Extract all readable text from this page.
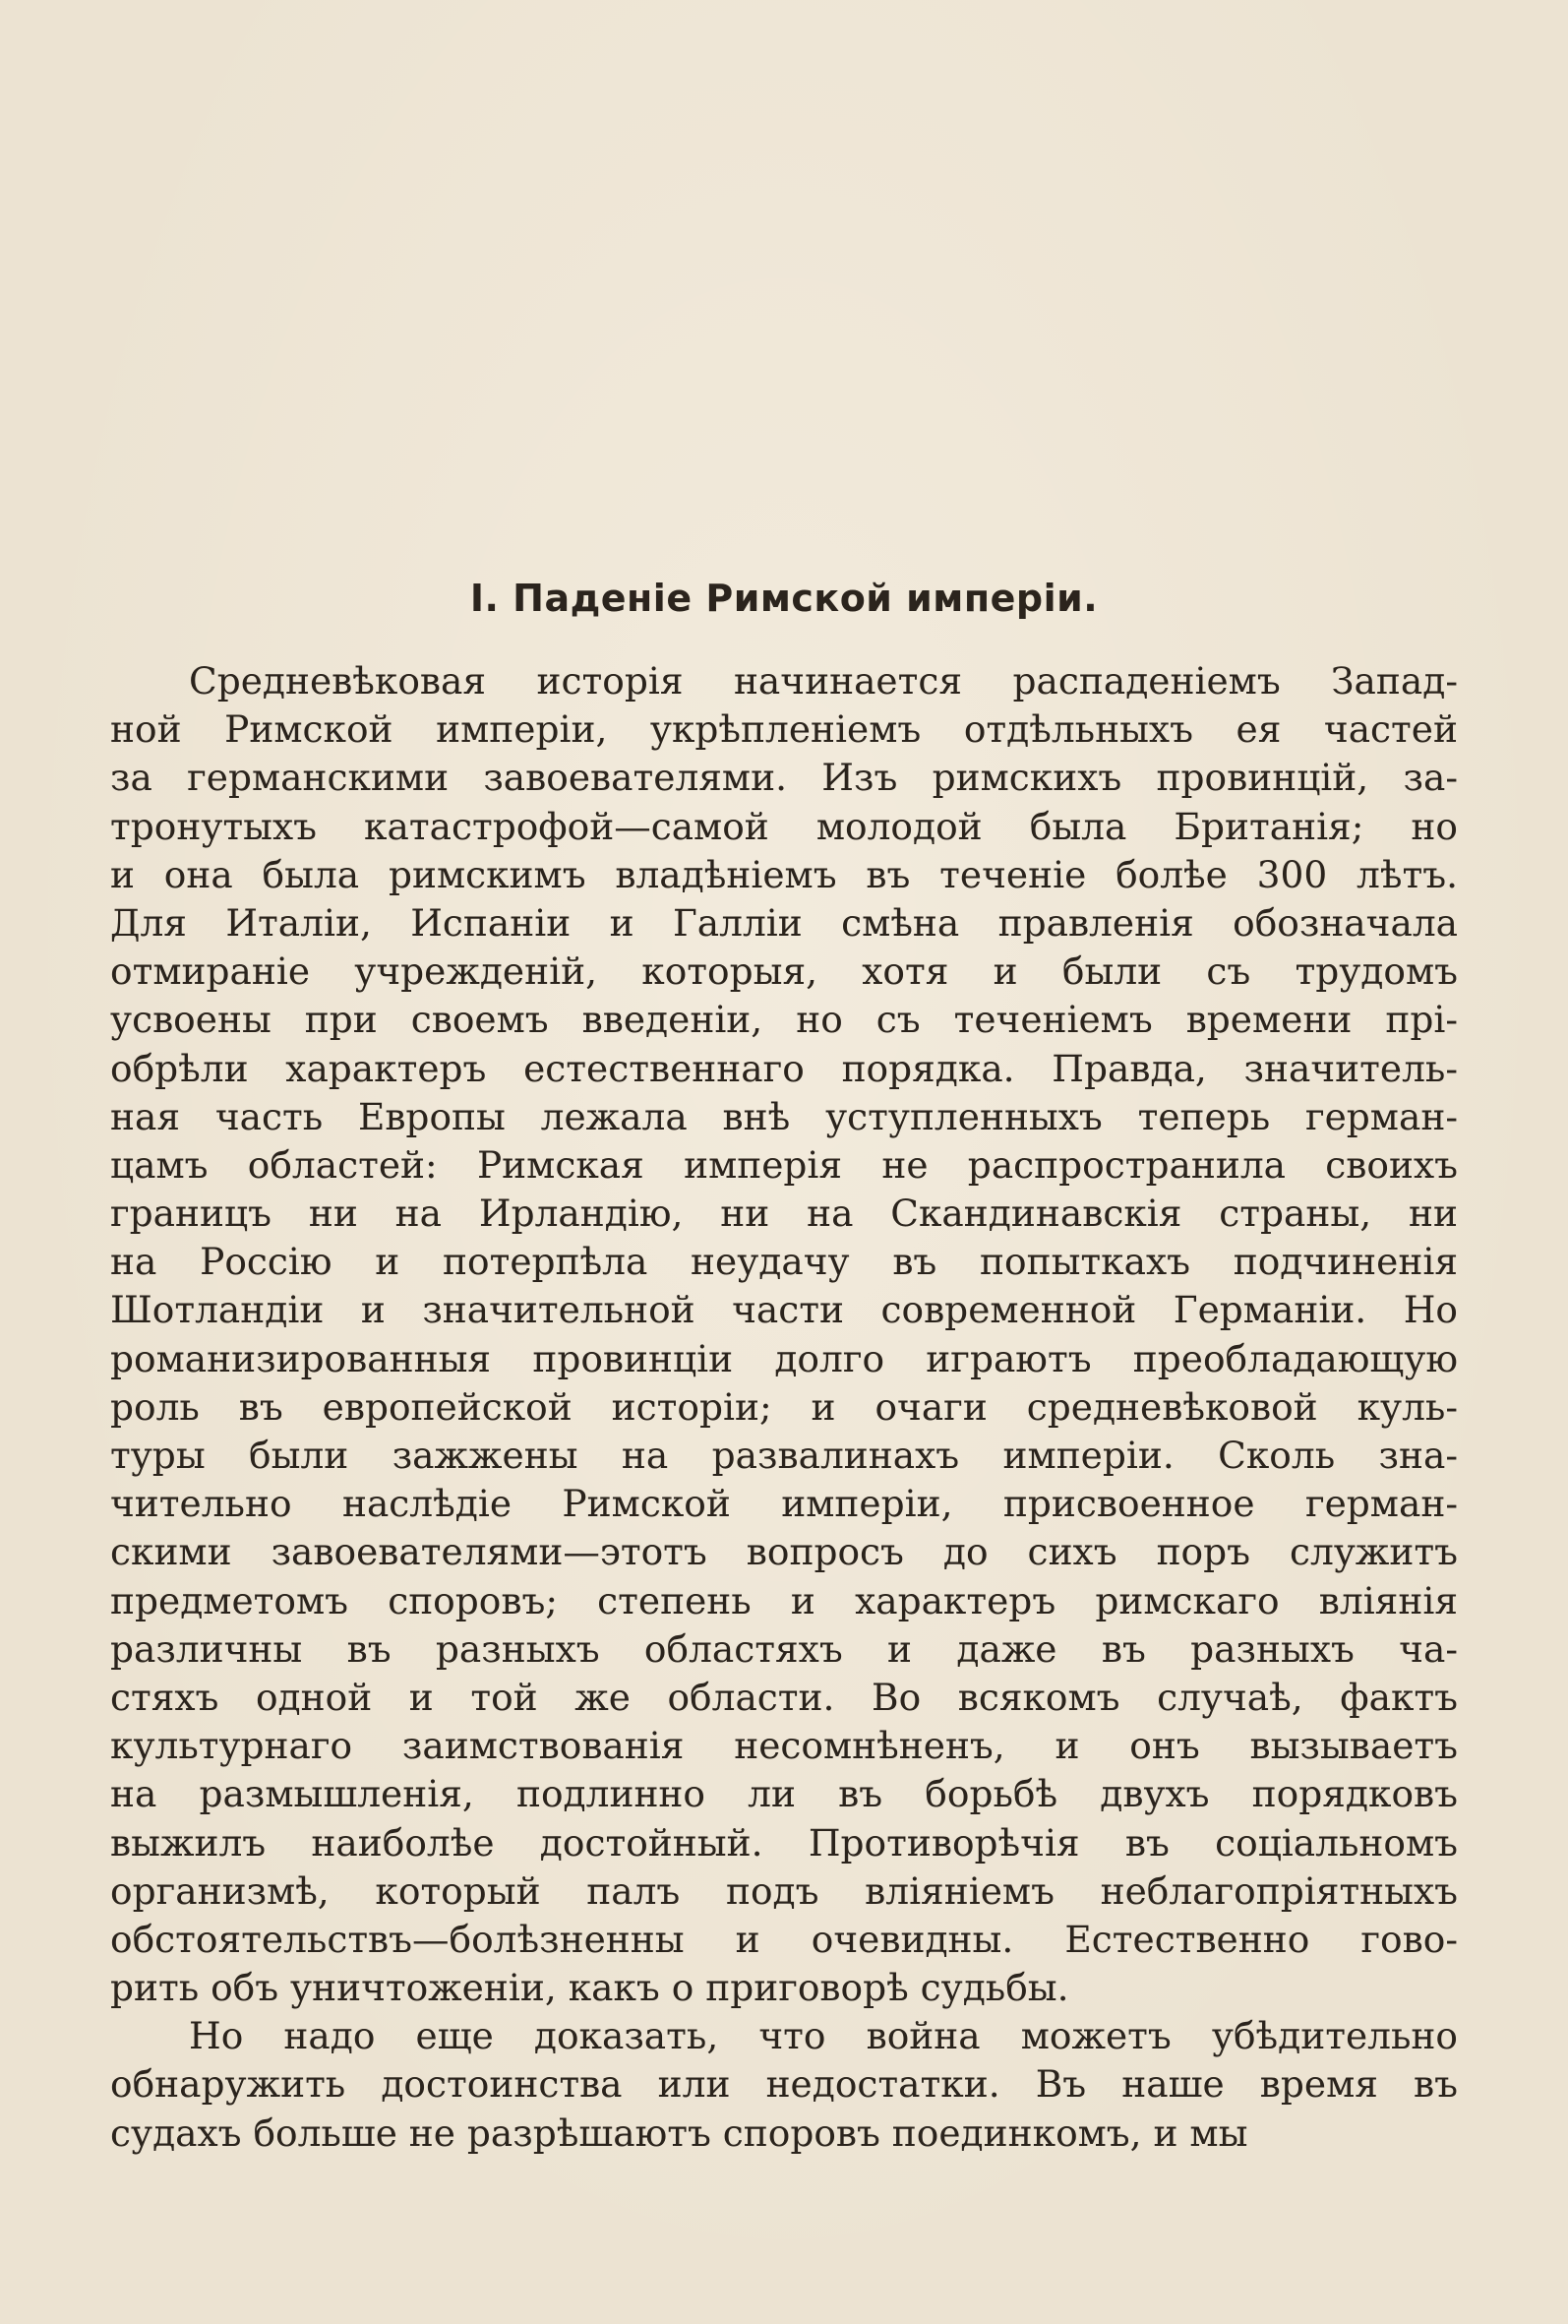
I. Паденіе Римской имперіи.
Средневѣковая исторія начинается распаденіемъ Запад-
ной Римской имперіи, укрѣпленіемъ отдѣльныхъ ея частей
за германскими завоевателями. Изъ римскихъ провинцій, за-
тронутыхъ катастрофой—самой молодой была Британія; но
и она была римскимъ владѣніемъ въ теченіе болѣе 300 лѣтъ.
Для Италіи, Испаніи и Галліи смѣна правленія обозначала
отмираніе учрежденій, которыя, хотя и были съ трудомъ
усвоены при своемъ введеніи, но съ теченіемъ времени прі-
обрѣли характеръ естественнаго порядка. Правда, значитель-
ная часть Европы лежала внѣ уступленныхъ теперь герман-
цамъ областей: Римская имперія не распространила своихъ
границъ ни на Ирландію, ни на Скандинавскія страны, ни
на Россію и потерпѣла неудачу въ попыткахъ подчиненія
Шотландіи и значительной части современной Германіи. Но
романизированныя провинціи долго играютъ преобладающую
роль въ европейской исторіи; и очаги средневѣковой куль-
туры были зажжены на развалинахъ имперіи. Сколь зна-
чительно наслѣдіе Римской имперіи, присвоенное герман-
скими завоевателями—этотъ вопросъ до сихъ поръ служитъ
предметомъ споровъ; степень и характеръ римскаго вліянія
различны въ разныхъ областяхъ и даже въ разныхъ ча-
стяхъ одной и той же области. Во всякомъ случаѣ, фактъ
культурнаго заимствованія несомнѣненъ, и онъ вызываетъ
на размышленія, подлинно ли въ борьбѣ двухъ порядковъ
выжилъ наиболѣе достойный. Противорѣчія въ соціальномъ
организмѣ, который палъ подъ вліяніемъ неблагопріятныхъ
обстоятельствъ—болѣзненны и очевидны. Естественно гово-
рить объ уничтоженіи, какъ о приговорѣ судьбы.
Но надо еще доказать, что война можетъ убѣдительно
обнаружить достоинства или недостатки. Въ наше время въ
судахъ больше не разрѣшаютъ споровъ поединкомъ, и мы
